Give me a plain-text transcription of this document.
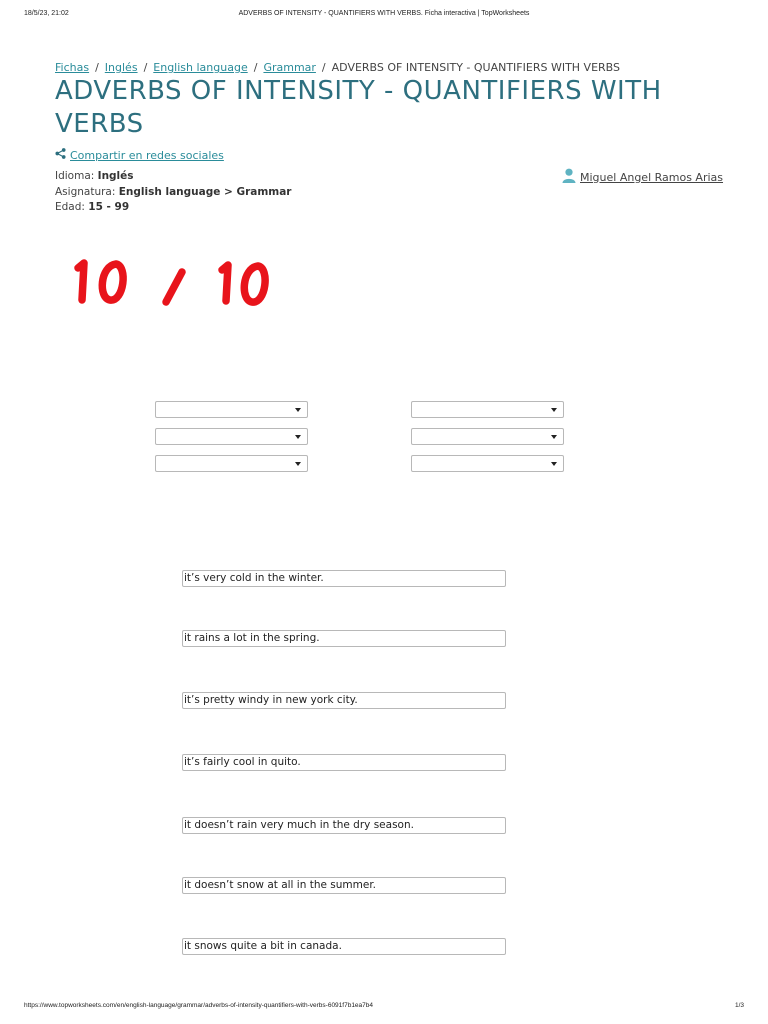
18/5/23, 21:02	ADVERBS OF INTENSITY - QUANTIFIERS WITH VERBS. Ficha interactiva | TopWorksheets
Fichas / Inglés / English language / Grammar / ADVERBS OF INTENSITY - QUANTIFIERS WITH VERBS
ADVERBS OF INTENSITY - QUANTIFIERS WITH VERBS
Compartir en redes sociales
Idioma: Inglés
Asignatura: English language > Grammar
Edad: 15 - 99
Miguel Angel Ramos Arias
it’s very cold in the winter.
it rains a lot in the spring.
it’s pretty windy in new york city.
it’s fairly cool in quito.
it doesn’t rain very much in the dry season.
it doesn’t snow at all in the summer.
it snows quite a bit in canada.
https://www.topworksheets.com/en/english-language/grammar/adverbs-of-intensity-quantifiers-with-verbs-6091f7b1ea7b4	1/3
